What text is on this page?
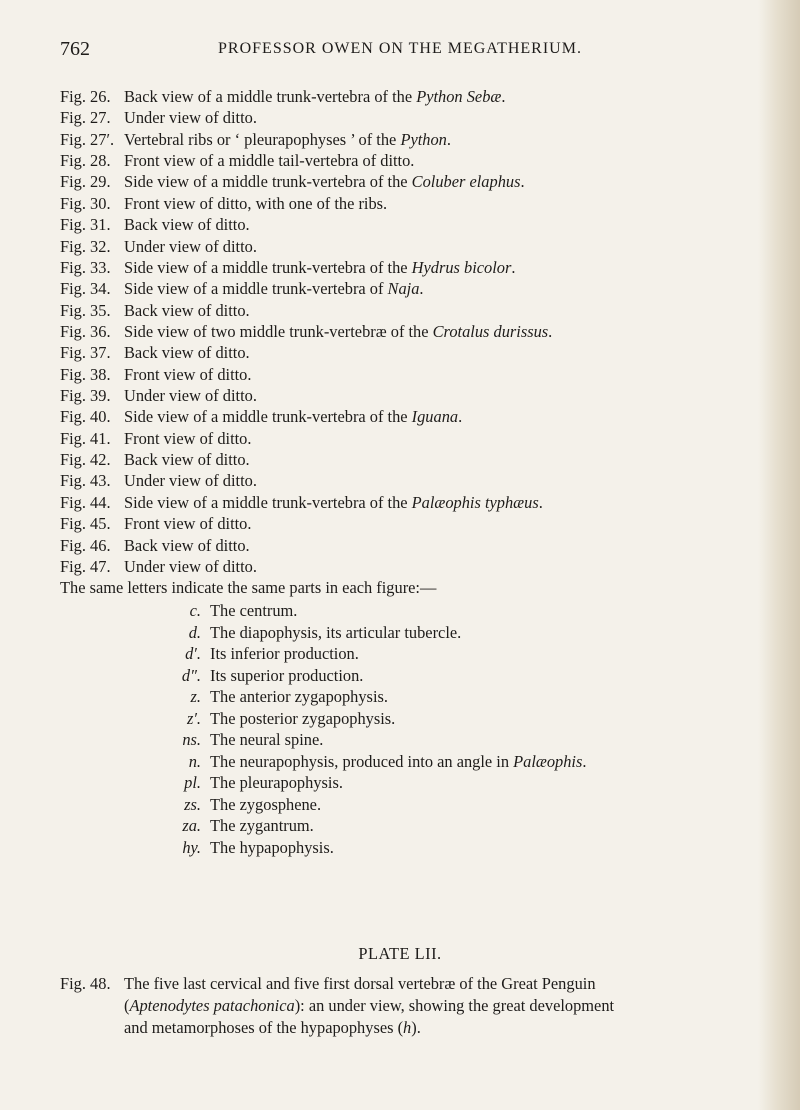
762	PROFESSOR OWEN ON THE MEGATHERIUM.
Fig. 26. Back view of a middle trunk-vertebra of the Python Sebæ.
Fig. 27. Under view of ditto.
Fig. 27′. Vertebral ribs or ‘ pleurapophyses ’ of the Python.
Fig. 28. Front view of a middle tail-vertebra of ditto.
Fig. 29. Side view of a middle trunk-vertebra of the Coluber elaphus.
Fig. 30. Front view of ditto, with one of the ribs.
Fig. 31. Back view of ditto.
Fig. 32. Under view of ditto.
Fig. 33. Side view of a middle trunk-vertebra of the Hydrus bicolor.
Fig. 34. Side view of a middle trunk-vertebra of Naja.
Fig. 35. Back view of ditto.
Fig. 36. Side view of two middle trunk-vertebræ of the Crotalus durissus.
Fig. 37. Back view of ditto.
Fig. 38. Front view of ditto.
Fig. 39. Under view of ditto.
Fig. 40. Side view of a middle trunk-vertebra of the Iguana.
Fig. 41. Front view of ditto.
Fig. 42. Back view of ditto.
Fig. 43. Under view of ditto.
Fig. 44. Side view of a middle trunk-vertebra of the Palæophis typhæus.
Fig. 45. Front view of ditto.
Fig. 46. Back view of ditto.
Fig. 47. Under view of ditto.
The same letters indicate the same parts in each figure:—
c. The centrum.
d. The diapophysis, its articular tubercle.
d′. Its inferior production.
d″. Its superior production.
z. The anterior zygapophysis.
z′. The posterior zygapophysis.
ns. The neural spine.
n. The neurapophysis, produced into an angle in Palæophis.
pl. The pleurapophysis.
zs. The zygosphene.
za. The zygantrum.
hy. The hypapophysis.
PLATE LII.
Fig. 48. The five last cervical and five first dorsal vertebræ of the Great Penguin
(Aptenodytes patachonica): an under view, showing the great development
and metamorphoses of the hypapophyses (h).
